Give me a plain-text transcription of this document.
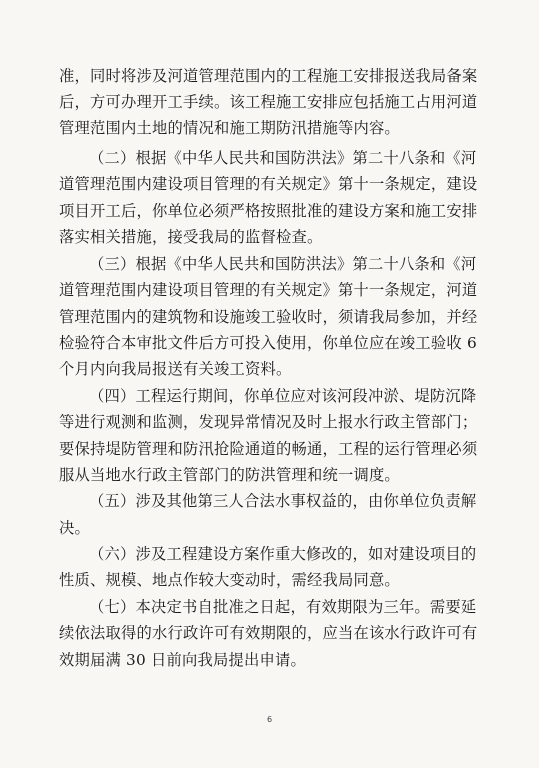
准，同时将涉及河道管理范围内的工程施工安排报送我局备案
后，方可办理开工手续。该工程施工安排应包括施工占用河道
管理范围内土地的情况和施工期防汛措施等内容。
（二）根据《中华人民共和国防洪法》第二十八条和《河
道管理范围内建设项目管理的有关规定》第十一条规定，建设
项目开工后，你单位必须严格按照批准的建设方案和施工安排
落实相关措施，接受我局的监督检查。
（三）根据《中华人民共和国防洪法》第二十八条和《河
道管理范围内建设项目管理的有关规定》第十一条规定，河道
管理范围内的建筑物和设施竣工验收时，须请我局参加，并经
检验符合本审批文件后方可投入使用，你单位应在竣工验收 6
个月内向我局报送有关竣工资料。
（四）工程运行期间，你单位应对该河段冲淤、堤防沉降
等进行观测和监测，发现异常情况及时上报水行政主管部门；
要保持堤防管理和防汛抢险通道的畅通，工程的运行管理必须
服从当地水行政主管部门的防洪管理和统一调度。
（五）涉及其他第三人合法水事权益的，由你单位负责解
决。
（六）涉及工程建设方案作重大修改的，如对建设项目的
性质、规模、地点作较大变动时，需经我局同意。
（七）本决定书自批准之日起，有效期限为三年。需要延
续依法取得的水行政许可有效期限的，应当在该水行政许可有
效期届满 30 日前向我局提出申请。
6
